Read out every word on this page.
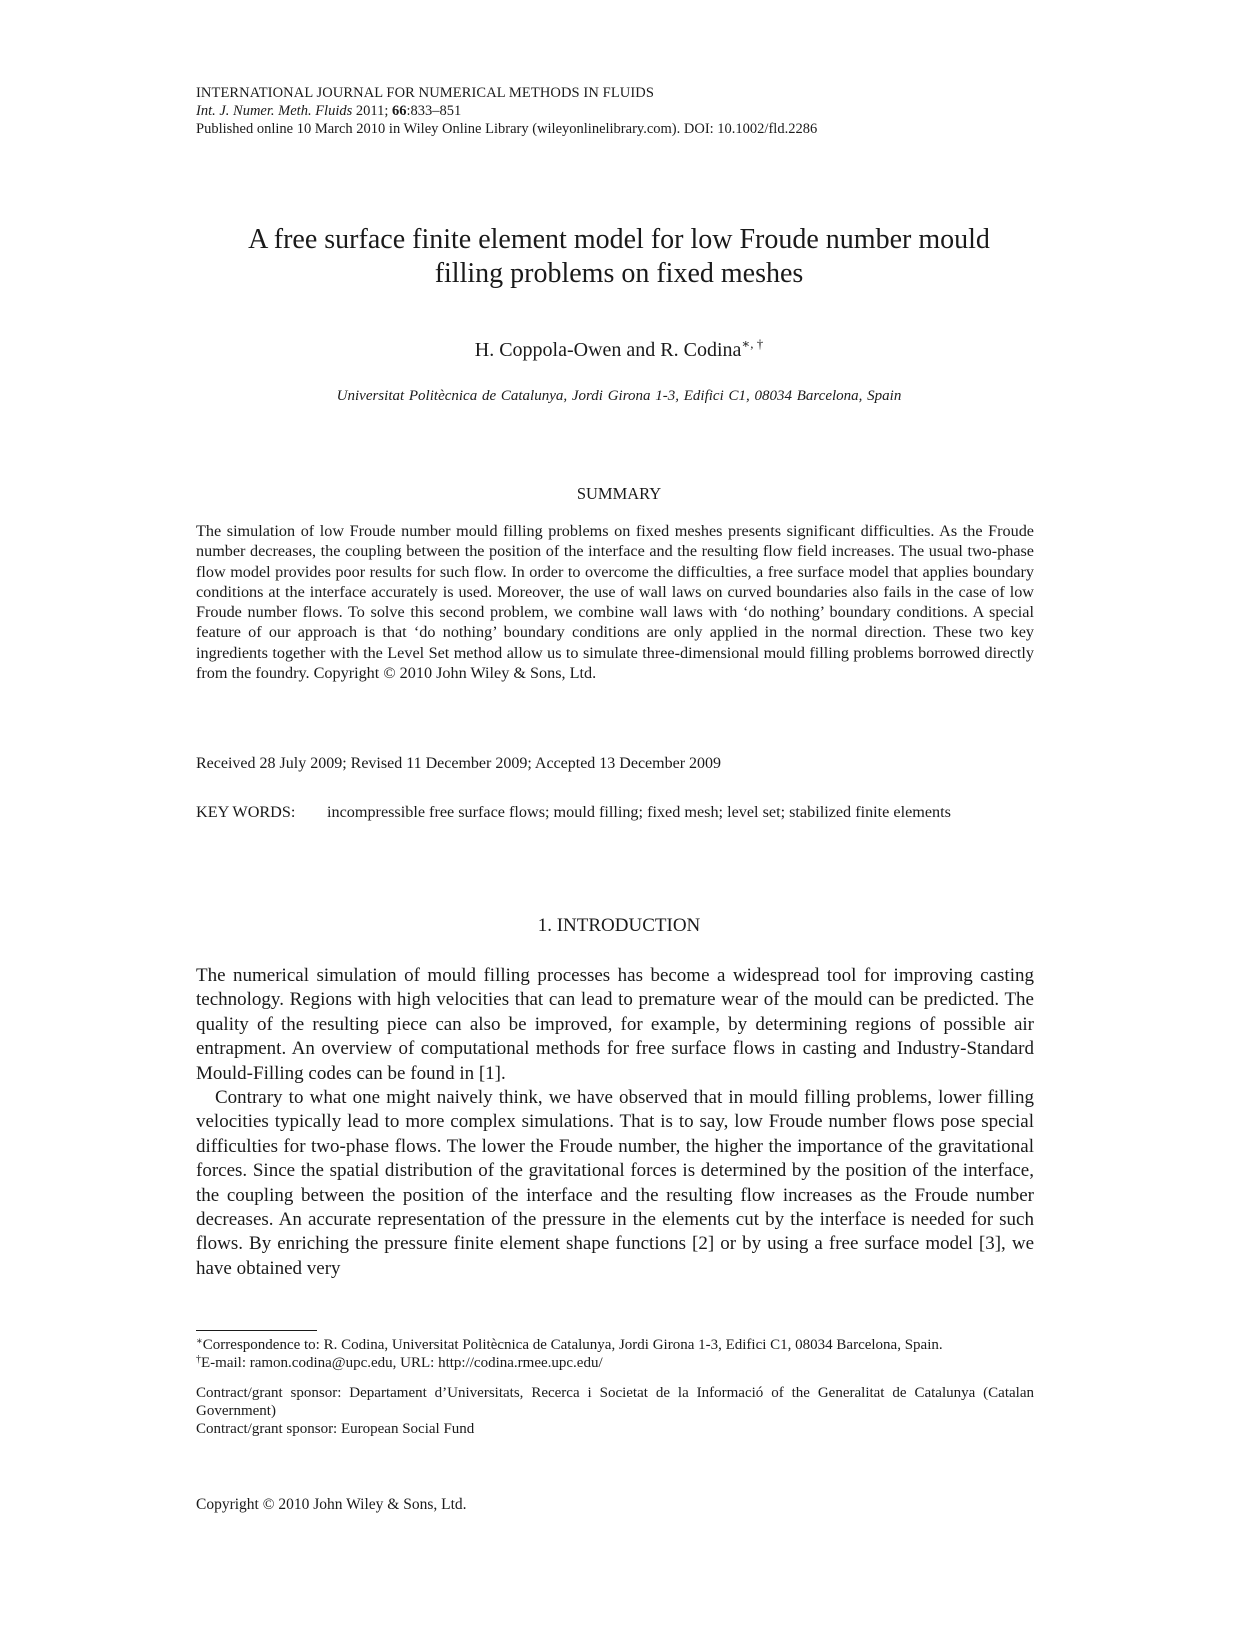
INTERNATIONAL JOURNAL FOR NUMERICAL METHODS IN FLUIDS
Int. J. Numer. Meth. Fluids 2011; 66:833–851
Published online 10 March 2010 in Wiley Online Library (wileyonlinelibrary.com). DOI: 10.1002/fld.2286
A free surface finite element model for low Froude number mould
filling problems on fixed meshes
H. Coppola-Owen and R. Codina∗, †
Universitat Politècnica de Catalunya, Jordi Girona 1-3, Edifici C1, 08034 Barcelona, Spain
SUMMARY
The simulation of low Froude number mould filling problems on fixed meshes presents significant difficulties. As the Froude number decreases, the coupling between the position of the interface and the resulting flow field increases. The usual two-phase flow model provides poor results for such flow. In order to overcome the difficulties, a free surface model that applies boundary conditions at the interface accurately is used. Moreover, the use of wall laws on curved boundaries also fails in the case of low Froude number flows. To solve this second problem, we combine wall laws with ‘do nothing’ boundary conditions. A special feature of our approach is that ‘do nothing’ boundary conditions are only applied in the normal direction. These two key ingredients together with the Level Set method allow us to simulate three-dimensional mould filling problems borrowed directly from the foundry. Copyright © 2010 John Wiley & Sons, Ltd.
Received 28 July 2009; Revised 11 December 2009; Accepted 13 December 2009
KEY WORDS:	incompressible free surface flows; mould filling; fixed mesh; level set; stabilized finite elements
1. INTRODUCTION

The numerical simulation of mould filling processes has become a widespread tool for improving casting technology. Regions with high velocities that can lead to premature wear of the mould can be predicted. The quality of the resulting piece can also be improved, for example, by determining regions of possible air entrapment. An overview of computational methods for free surface flows in casting and Industry-Standard Mould-Filling codes can be found in [1].

Contrary to what one might naively think, we have observed that in mould filling problems, lower filling velocities typically lead to more complex simulations. That is to say, low Froude number flows pose special difficulties for two-phase flows. The lower the Froude number, the higher the importance of the gravitational forces. Since the spatial distribution of the gravitational forces is determined by the position of the interface, the coupling between the position of the interface and the resulting flow increases as the Froude number decreases. An accurate representation of the pressure in the elements cut by the interface is needed for such flows. By enriching the pressure finite element shape functions [2] or by using a free surface model [3], we have obtained very

∗Correspondence to: R. Codina, Universitat Politècnica de Catalunya, Jordi Girona 1-3, Edifici C1, 08034 Barcelona, Spain.

†E-mail: ramon.codina@upc.edu, URL: http://codina.rmee.upc.edu/

Contract/grant sponsor: Departament d’Universitats, Recerca i Societat de la Informació of the Generalitat de Catalunya (Catalan Government)

Contract/grant sponsor: European Social Fund

Copyright © 2010 John Wiley & Sons, Ltd.
